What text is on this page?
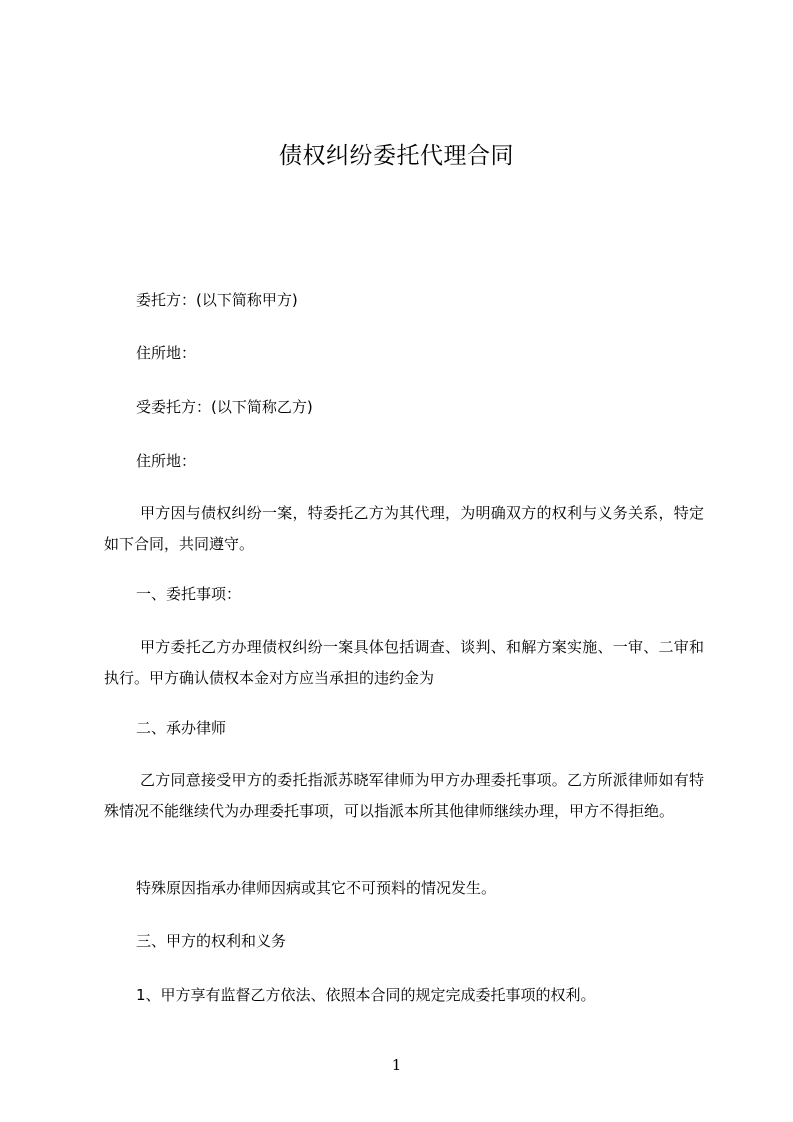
债权纠纷委托代理合同
委托方：(以下简称甲方)
住所地：
受委托方：(以下简称乙方)
住所地：
甲方因与债权纠纷一案，特委托乙方为其代理，为明确双方的权利与义务关系，特定如下合同，共同遵守。
一、委托事项：
甲方委托乙方办理债权纠纷一案具体包括调查、谈判、和解方案实施、一审、二审和执行。甲方确认债权本金对方应当承担的违约金为
二、承办律师
乙方同意接受甲方的委托指派苏晓军律师为甲方办理委托事项。乙方所派律师如有特殊情况不能继续代为办理委托事项，可以指派本所其他律师继续办理，甲方不得拒绝。
特殊原因指承办律师因病或其它不可预料的情况发生。
三、甲方的权利和义务
1、甲方享有监督乙方依法、依照本合同的规定完成委托事项的权利。
1
